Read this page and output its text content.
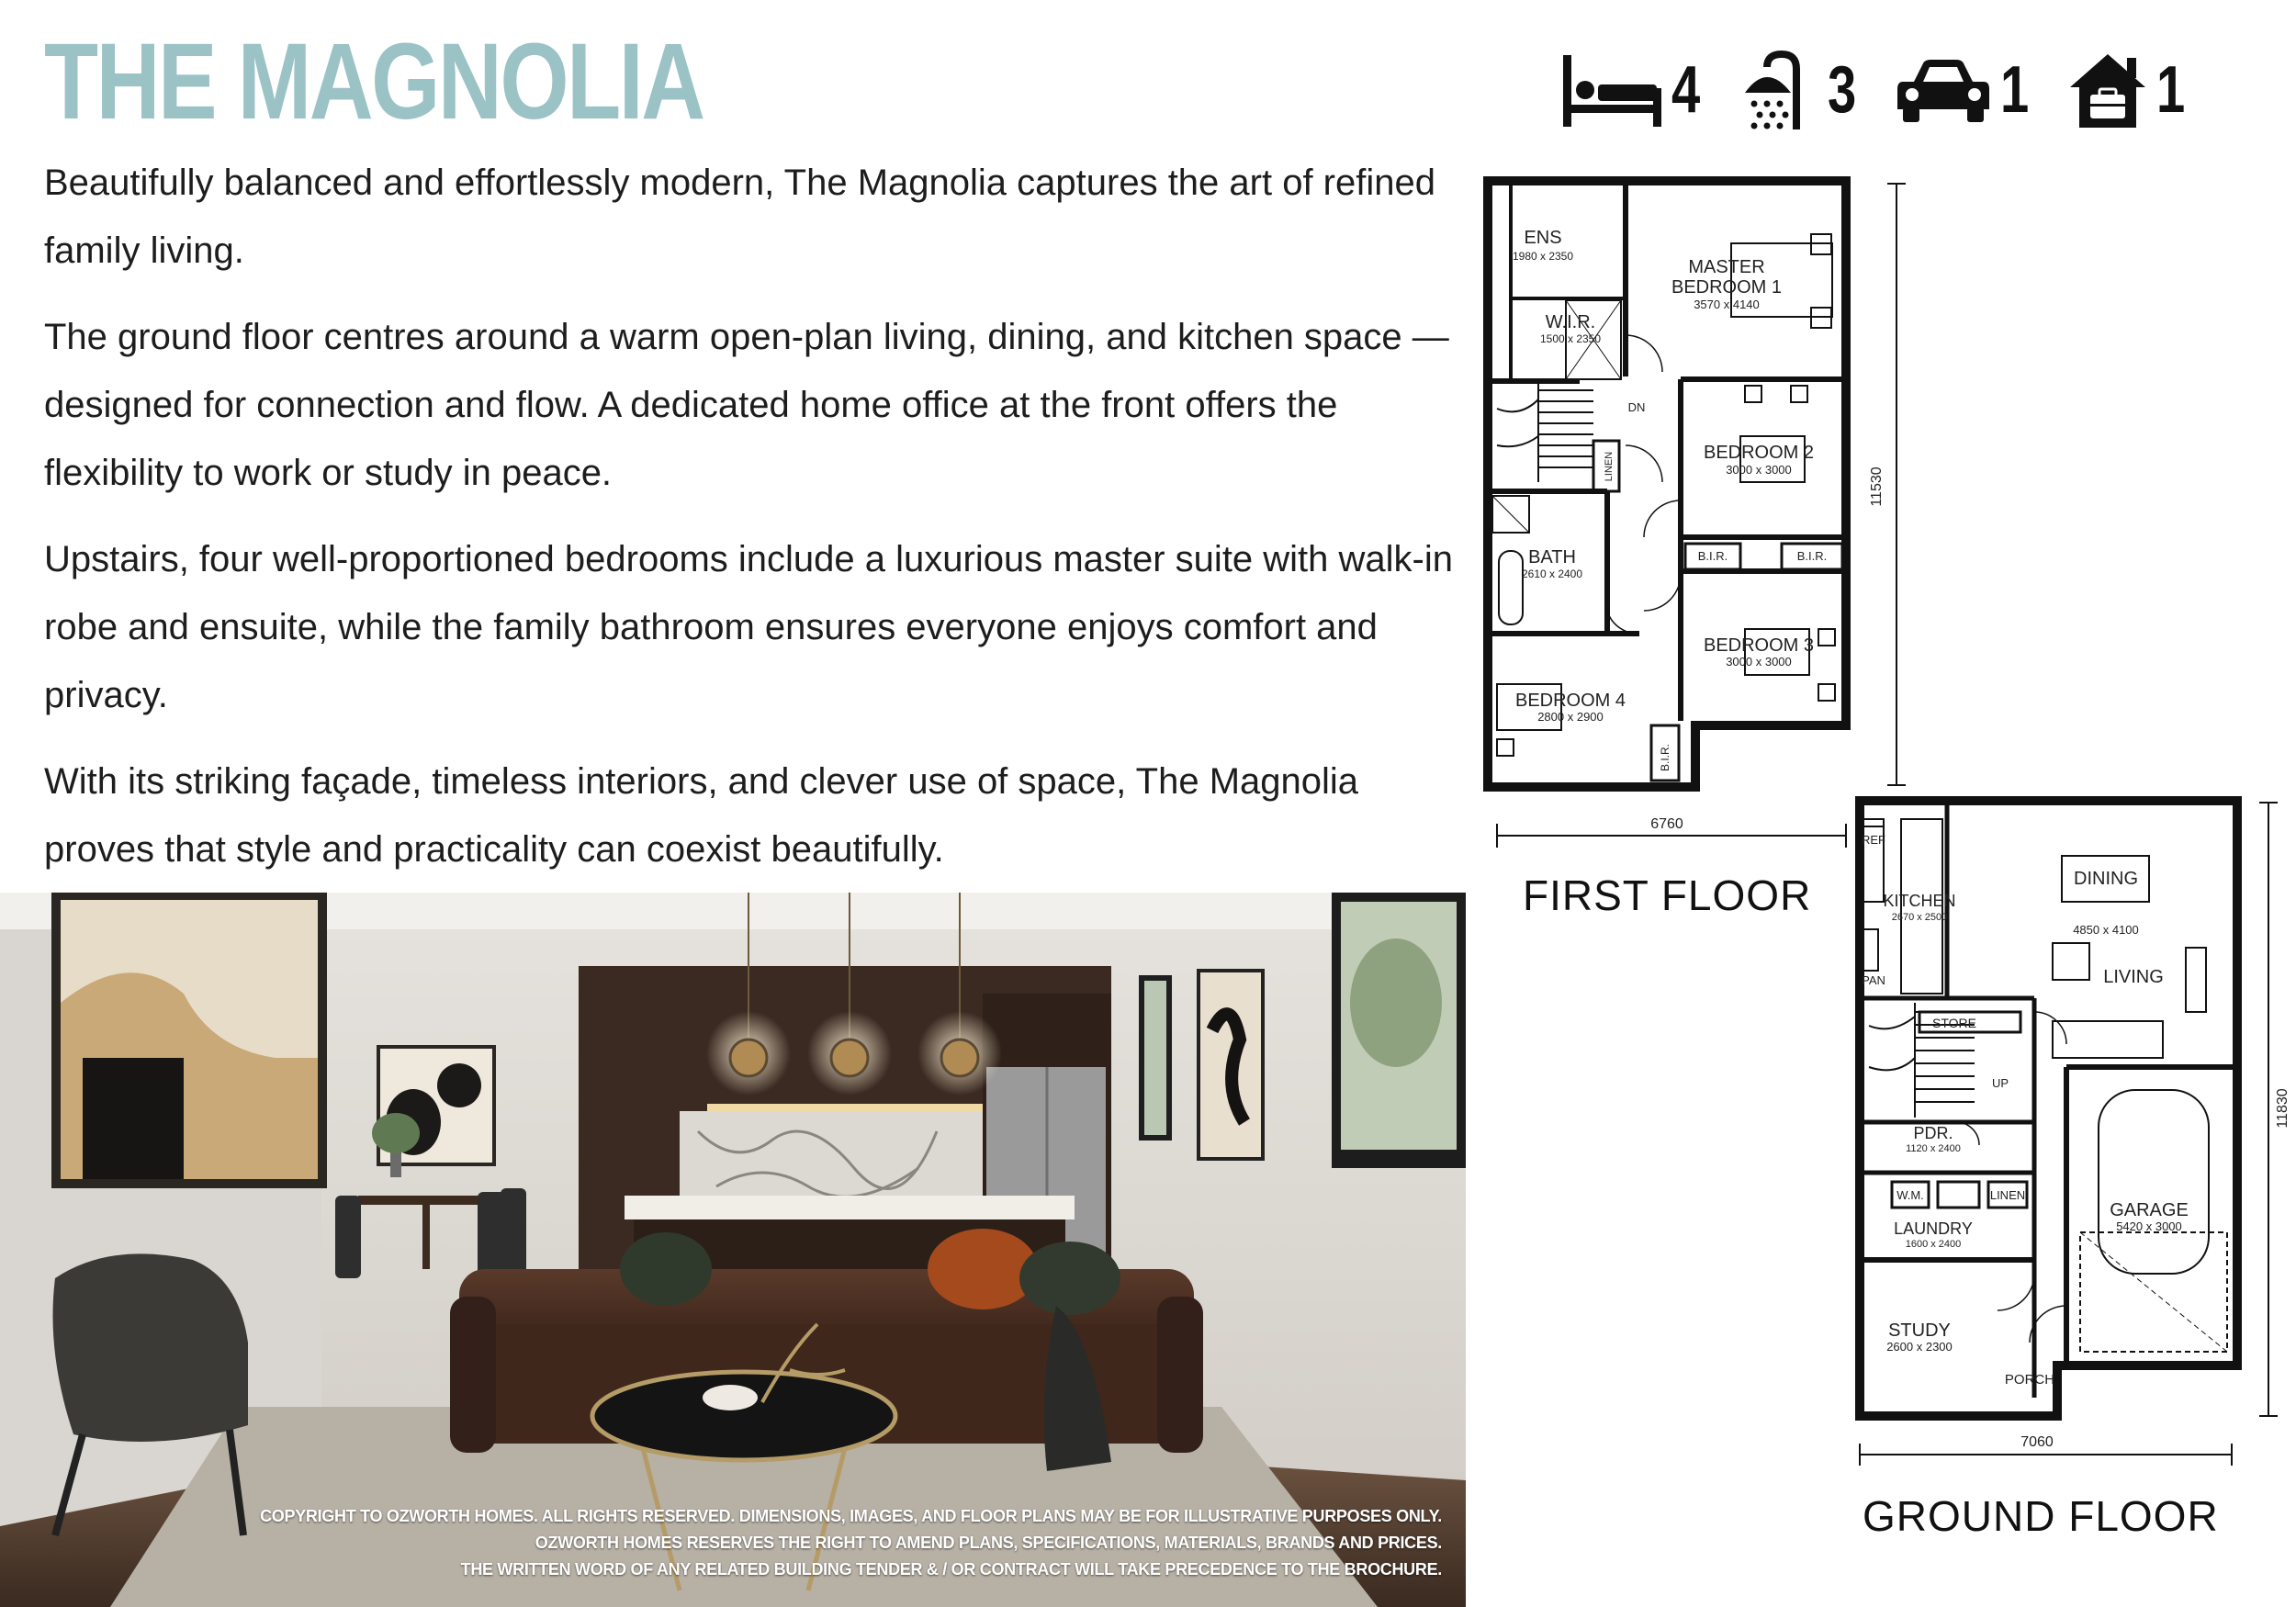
THE MAGNOLIA	4 3 1 1

Beautifully balanced and effortlessly modern, The Magnolia captures the art of refined family living.

The ground floor centres around a warm open-plan living, dining, and kitchen space — designed for connection and flow. A dedicated home office at the front offers the flexibility to work or study in peace.

Upstairs, four well-proportioned bedrooms include a luxurious master suite with walk-in robe and ensuite, while the family bathroom ensures everyone enjoys comfort and privacy.

With its striking façade, timeless interiors, and clever use of space, The Magnolia proves that style and practicality can coexist beautifully.

COPYRIGHT TO OZWORTH HOMES. ALL RIGHTS RESERVED. DIMENSIONS, IMAGES, AND FLOOR PLANS MAY BE FOR ILLUSTRATIVE PURPOSES ONLY.
OZWORTH HOMES RESERVES THE RIGHT TO AMEND PLANS, SPECIFICATIONS, MATERIALS, BRANDS AND PRICES.
THE WRITTEN WORD OF ANY RELATED BUILDING TENDER & / OR CONTRACT WILL TAKE PRECEDENCE TO THE BROCHURE.
ENS
1980 x 2350
W.I.R.
1500 x 2350
MASTER
BEDROOM 1
3570 x 4140
DN
LINEN	BEDROOM 2
3000 x 3000
BATH
2610 x 2400
B.I.R.	B.I.R.
B.I.R.
BEDROOM 3
3000 x 3000
BEDROOM 4
2800 x 2900
11530
6760
FIRST FLOOR
REF
KITCHEN
2670 x 2500
PAN
DINING
4850 x 4100
LIVING
STORE
UP
PDR.
1120 x 2400
W.M.	LINEN
LAUNDRY
1600 x 2400
GARAGE
5420 x 3000
STUDY
2600 x 2300
PORCH
11830
7060
GROUND FLOOR
